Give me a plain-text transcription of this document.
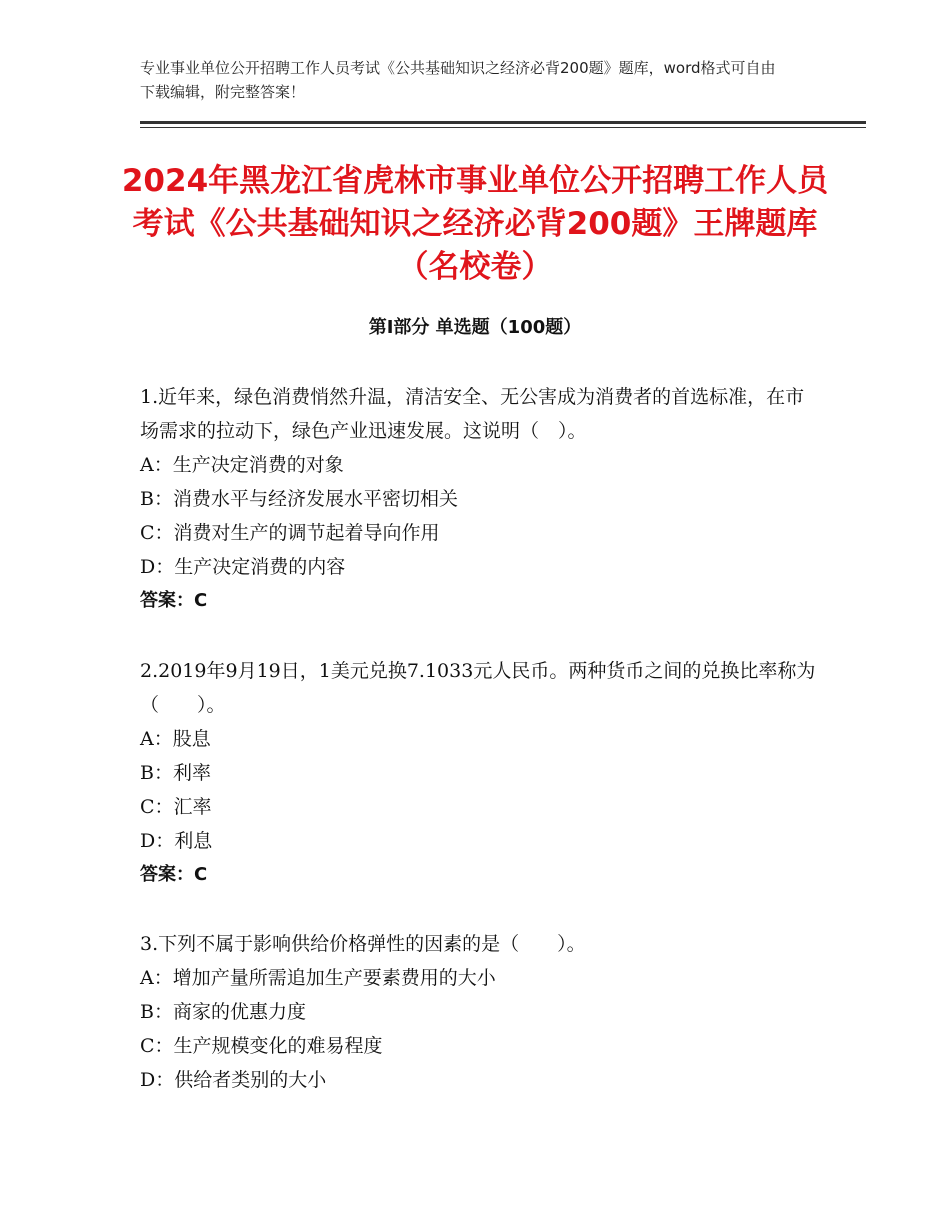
专业事业单位公开招聘工作人员考试《公共基础知识之经济必背200题》题库，word格式可自由下载编辑，附完整答案！
2024年黑龙江省虎林市事业单位公开招聘工作人员考试《公共基础知识之经济必背200题》王牌题库（名校卷）
第Ⅰ部分 单选题（100题）

1.近年来，绿色消费悄然升温，清洁安全、无公害成为消费者的首选标准，在市场需求的拉动下，绿色产业迅速发展。这说明（　）。

A：生产决定消费的对象

B：消费水平与经济发展水平密切相关

C：消费对生产的调节起着导向作用

D：生产决定消费的内容

答案：C

2.2019年9月19日，1美元兑换7.1033元人民币。两种货币之间的兑换比率称为（　　）。

A：股息

B：利率

C：汇率

D：利息

答案：C

3.下列不属于影响供给价格弹性的因素的是（　　）。

A：增加产量所需追加生产要素费用的大小

B：商家的优惠力度

C：生产规模变化的难易程度

D：供给者类别的大小
